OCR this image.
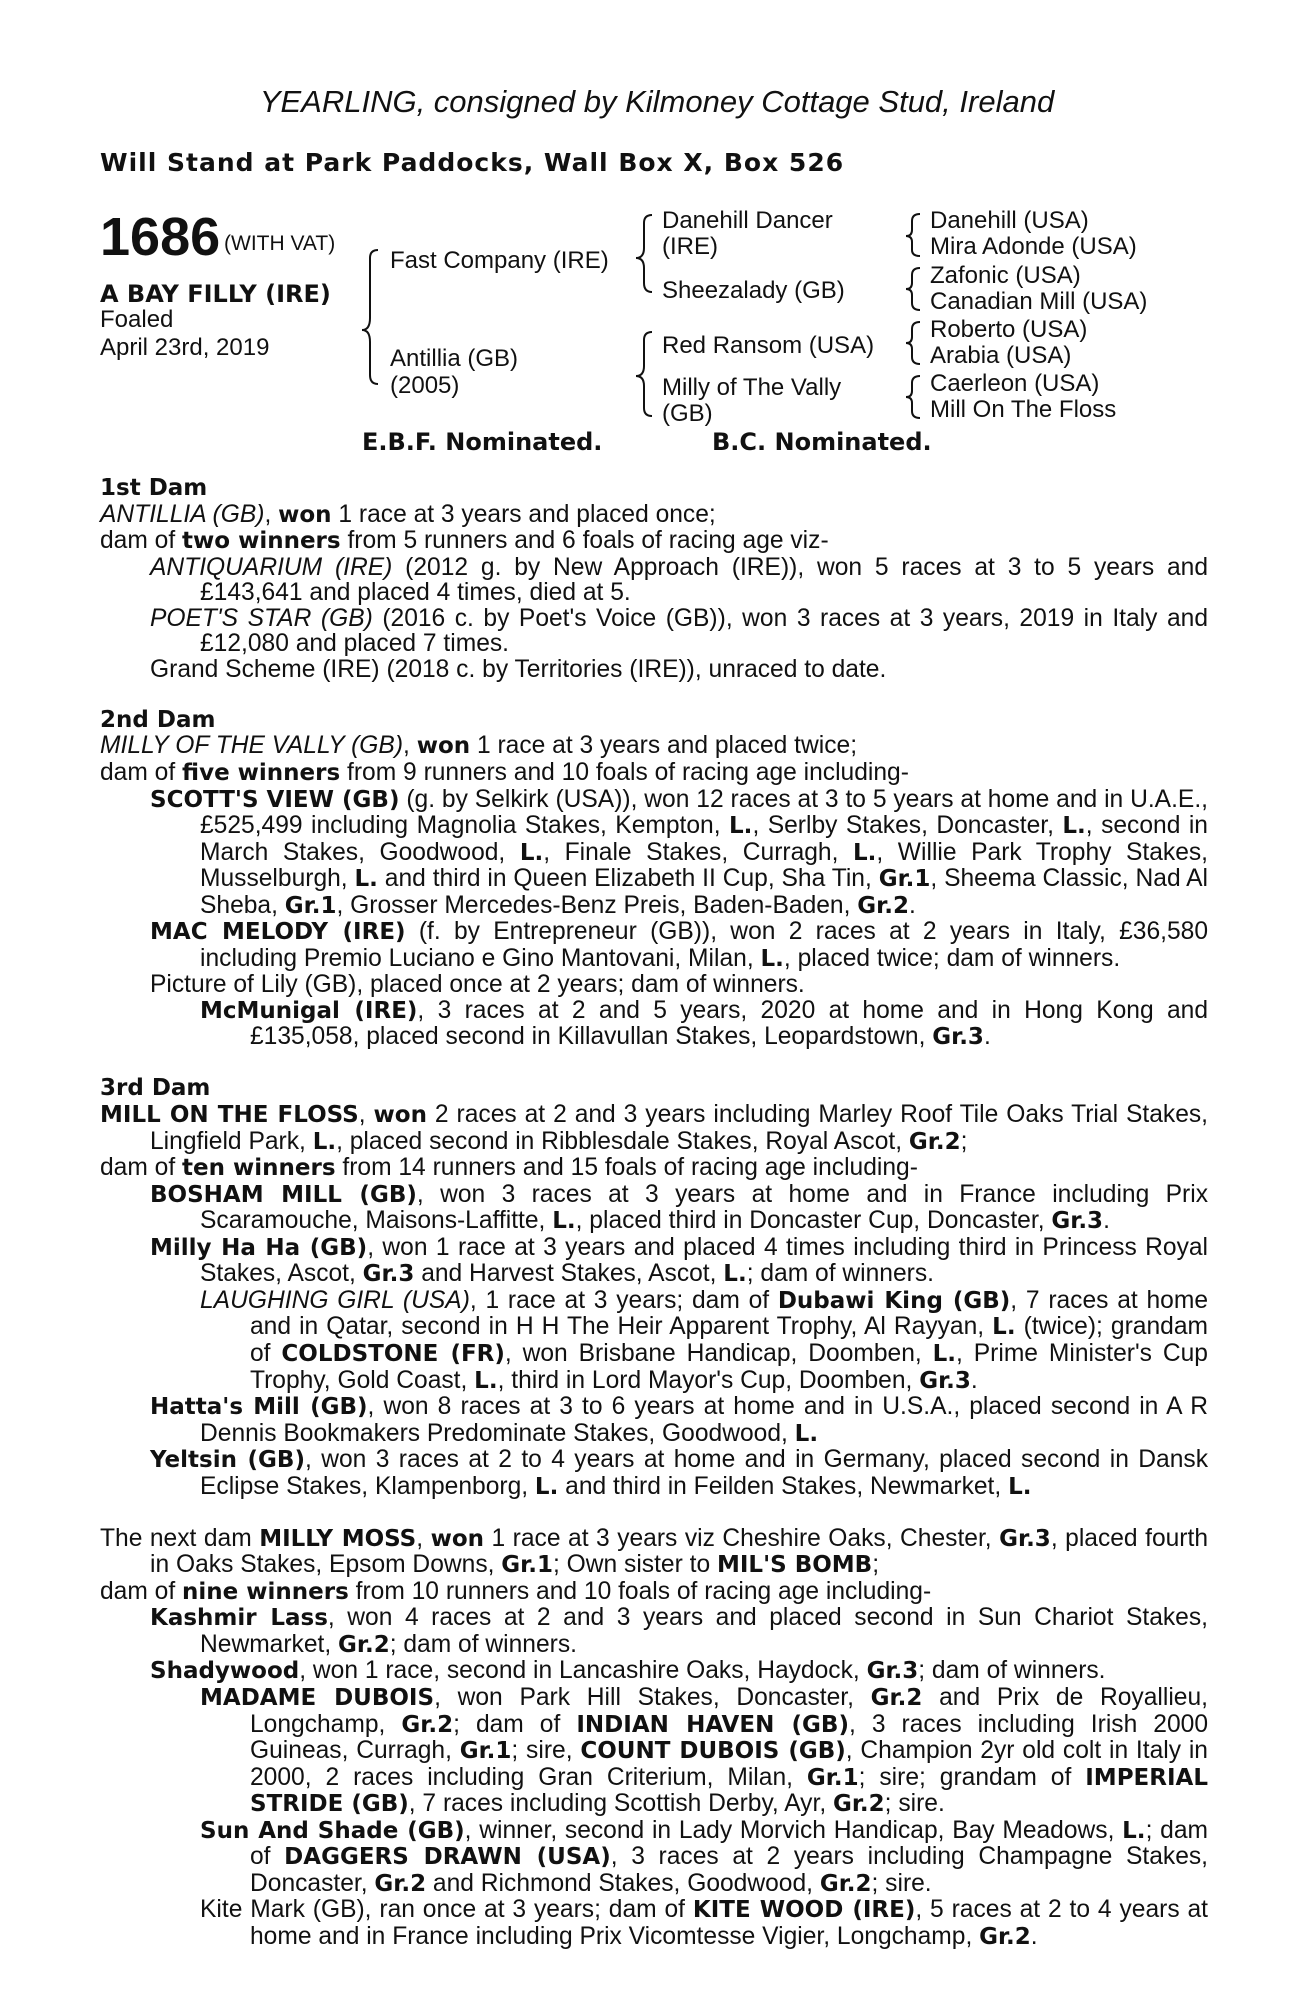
YEARLING, consigned by Kilmoney Cottage Stud, Ireland
Will Stand at Park Paddocks, Wall Box X, Box 526
1686 (WITH VAT)
A BAY FILLY (IRE)
Foaled
April 23rd, 2019
Fast Company (IRE)
Antillia (GB)
(2005)
Danehill Dancer
(IRE)
Sheezalady (GB)
Red Ransom (USA)
Milly of The Vally
(GB)
Danehill (USA)
Mira Adonde (USA)
Zafonic (USA)
Canadian Mill (USA)
Roberto (USA)
Arabia (USA)
Caerleon (USA)
Mill On The Floss
E.B.F. Nominated.	B.C. Nominated.

1st Dam

ANTILLIA (GB), won 1 race at 3 years and placed once;

dam of two winners from 5 runners and 6 foals of racing age viz-

ANTIQUARIUM (IRE) (2012 g. by New Approach (IRE)), won 5 races at 3 to 5 years and £143,641 and placed 4 times, died at 5.

POET'S STAR (GB) (2016 c. by Poet's Voice (GB)), won 3 races at 3 years, 2019 in Italy and £12,080 and placed 7 times.

Grand Scheme (IRE) (2018 c. by Territories (IRE)), unraced to date.

2nd Dam

MILLY OF THE VALLY (GB), won 1 race at 3 years and placed twice;

dam of five winners from 9 runners and 10 foals of racing age including-

SCOTT'S VIEW (GB) (g. by Selkirk (USA)), won 12 races at 3 to 5 years at home and in U.A.E., £525,499 including Magnolia Stakes, Kempton, L., Serlby Stakes, Doncaster, L., second in March Stakes, Goodwood, L., Finale Stakes, Curragh, L., Willie Park Trophy Stakes, Musselburgh, L. and third in Queen Elizabeth II Cup, Sha Tin, Gr.1, Sheema Classic, Nad Al Sheba, Gr.1, Grosser Mercedes-Benz Preis, Baden-Baden, Gr.2.

MAC MELODY (IRE) (f. by Entrepreneur (GB)), won 2 races at 2 years in Italy, £36,580 including Premio Luciano e Gino Mantovani, Milan, L., placed twice; dam of winners.

Picture of Lily (GB), placed once at 2 years; dam of winners.

McMunigal (IRE), 3 races at 2 and 5 years, 2020 at home and in Hong Kong and £135,058, placed second in Killavullan Stakes, Leopardstown, Gr.3.

3rd Dam

MILL ON THE FLOSS, won 2 races at 2 and 3 years including Marley Roof Tile Oaks Trial Stakes, Lingfield Park, L., placed second in Ribblesdale Stakes, Royal Ascot, Gr.2;

dam of ten winners from 14 runners and 15 foals of racing age including-

BOSHAM MILL (GB), won 3 races at 3 years at home and in France including Prix Scaramouche, Maisons-Laffitte, L., placed third in Doncaster Cup, Doncaster, Gr.3.

Milly Ha Ha (GB), won 1 race at 3 years and placed 4 times including third in Princess Royal Stakes, Ascot, Gr.3 and Harvest Stakes, Ascot, L.; dam of winners.

LAUGHING GIRL (USA), 1 race at 3 years; dam of Dubawi King (GB), 7 races at home and in Qatar, second in H H The Heir Apparent Trophy, Al Rayyan, L. (twice); grandam of COLDSTONE (FR), won Brisbane Handicap, Doomben, L., Prime Minister's Cup Trophy, Gold Coast, L., third in Lord Mayor's Cup, Doomben, Gr.3.

Hatta's Mill (GB), won 8 races at 3 to 6 years at home and in U.S.A., placed second in A R Dennis Bookmakers Predominate Stakes, Goodwood, L.

Yeltsin (GB), won 3 races at 2 to 4 years at home and in Germany, placed second in Dansk Eclipse Stakes, Klampenborg, L. and third in Feilden Stakes, Newmarket, L.

The next dam MILLY MOSS, won 1 race at 3 years viz Cheshire Oaks, Chester, Gr.3, placed fourth in Oaks Stakes, Epsom Downs, Gr.1; Own sister to MIL'S BOMB;

dam of nine winners from 10 runners and 10 foals of racing age including-

Kashmir Lass, won 4 races at 2 and 3 years and placed second in Sun Chariot Stakes, Newmarket, Gr.2; dam of winners.

Shadywood, won 1 race, second in Lancashire Oaks, Haydock, Gr.3; dam of winners.

MADAME DUBOIS, won Park Hill Stakes, Doncaster, Gr.2 and Prix de Royallieu, Longchamp, Gr.2; dam of INDIAN HAVEN (GB), 3 races including Irish 2000 Guineas, Curragh, Gr.1; sire, COUNT DUBOIS (GB), Champion 2yr old colt in Italy in 2000, 2 races including Gran Criterium, Milan, Gr.1; sire; grandam of IMPERIAL STRIDE (GB), 7 races including Scottish Derby, Ayr, Gr.2; sire.

Sun And Shade (GB), winner, second in Lady Morvich Handicap, Bay Meadows, L.; dam of DAGGERS DRAWN (USA), 3 races at 2 years including Champagne Stakes, Doncaster, Gr.2 and Richmond Stakes, Goodwood, Gr.2; sire.

Kite Mark (GB), ran once at 3 years; dam of KITE WOOD (IRE), 5 races at 2 to 4 years at home and in France including Prix Vicomtesse Vigier, Longchamp, Gr.2.
